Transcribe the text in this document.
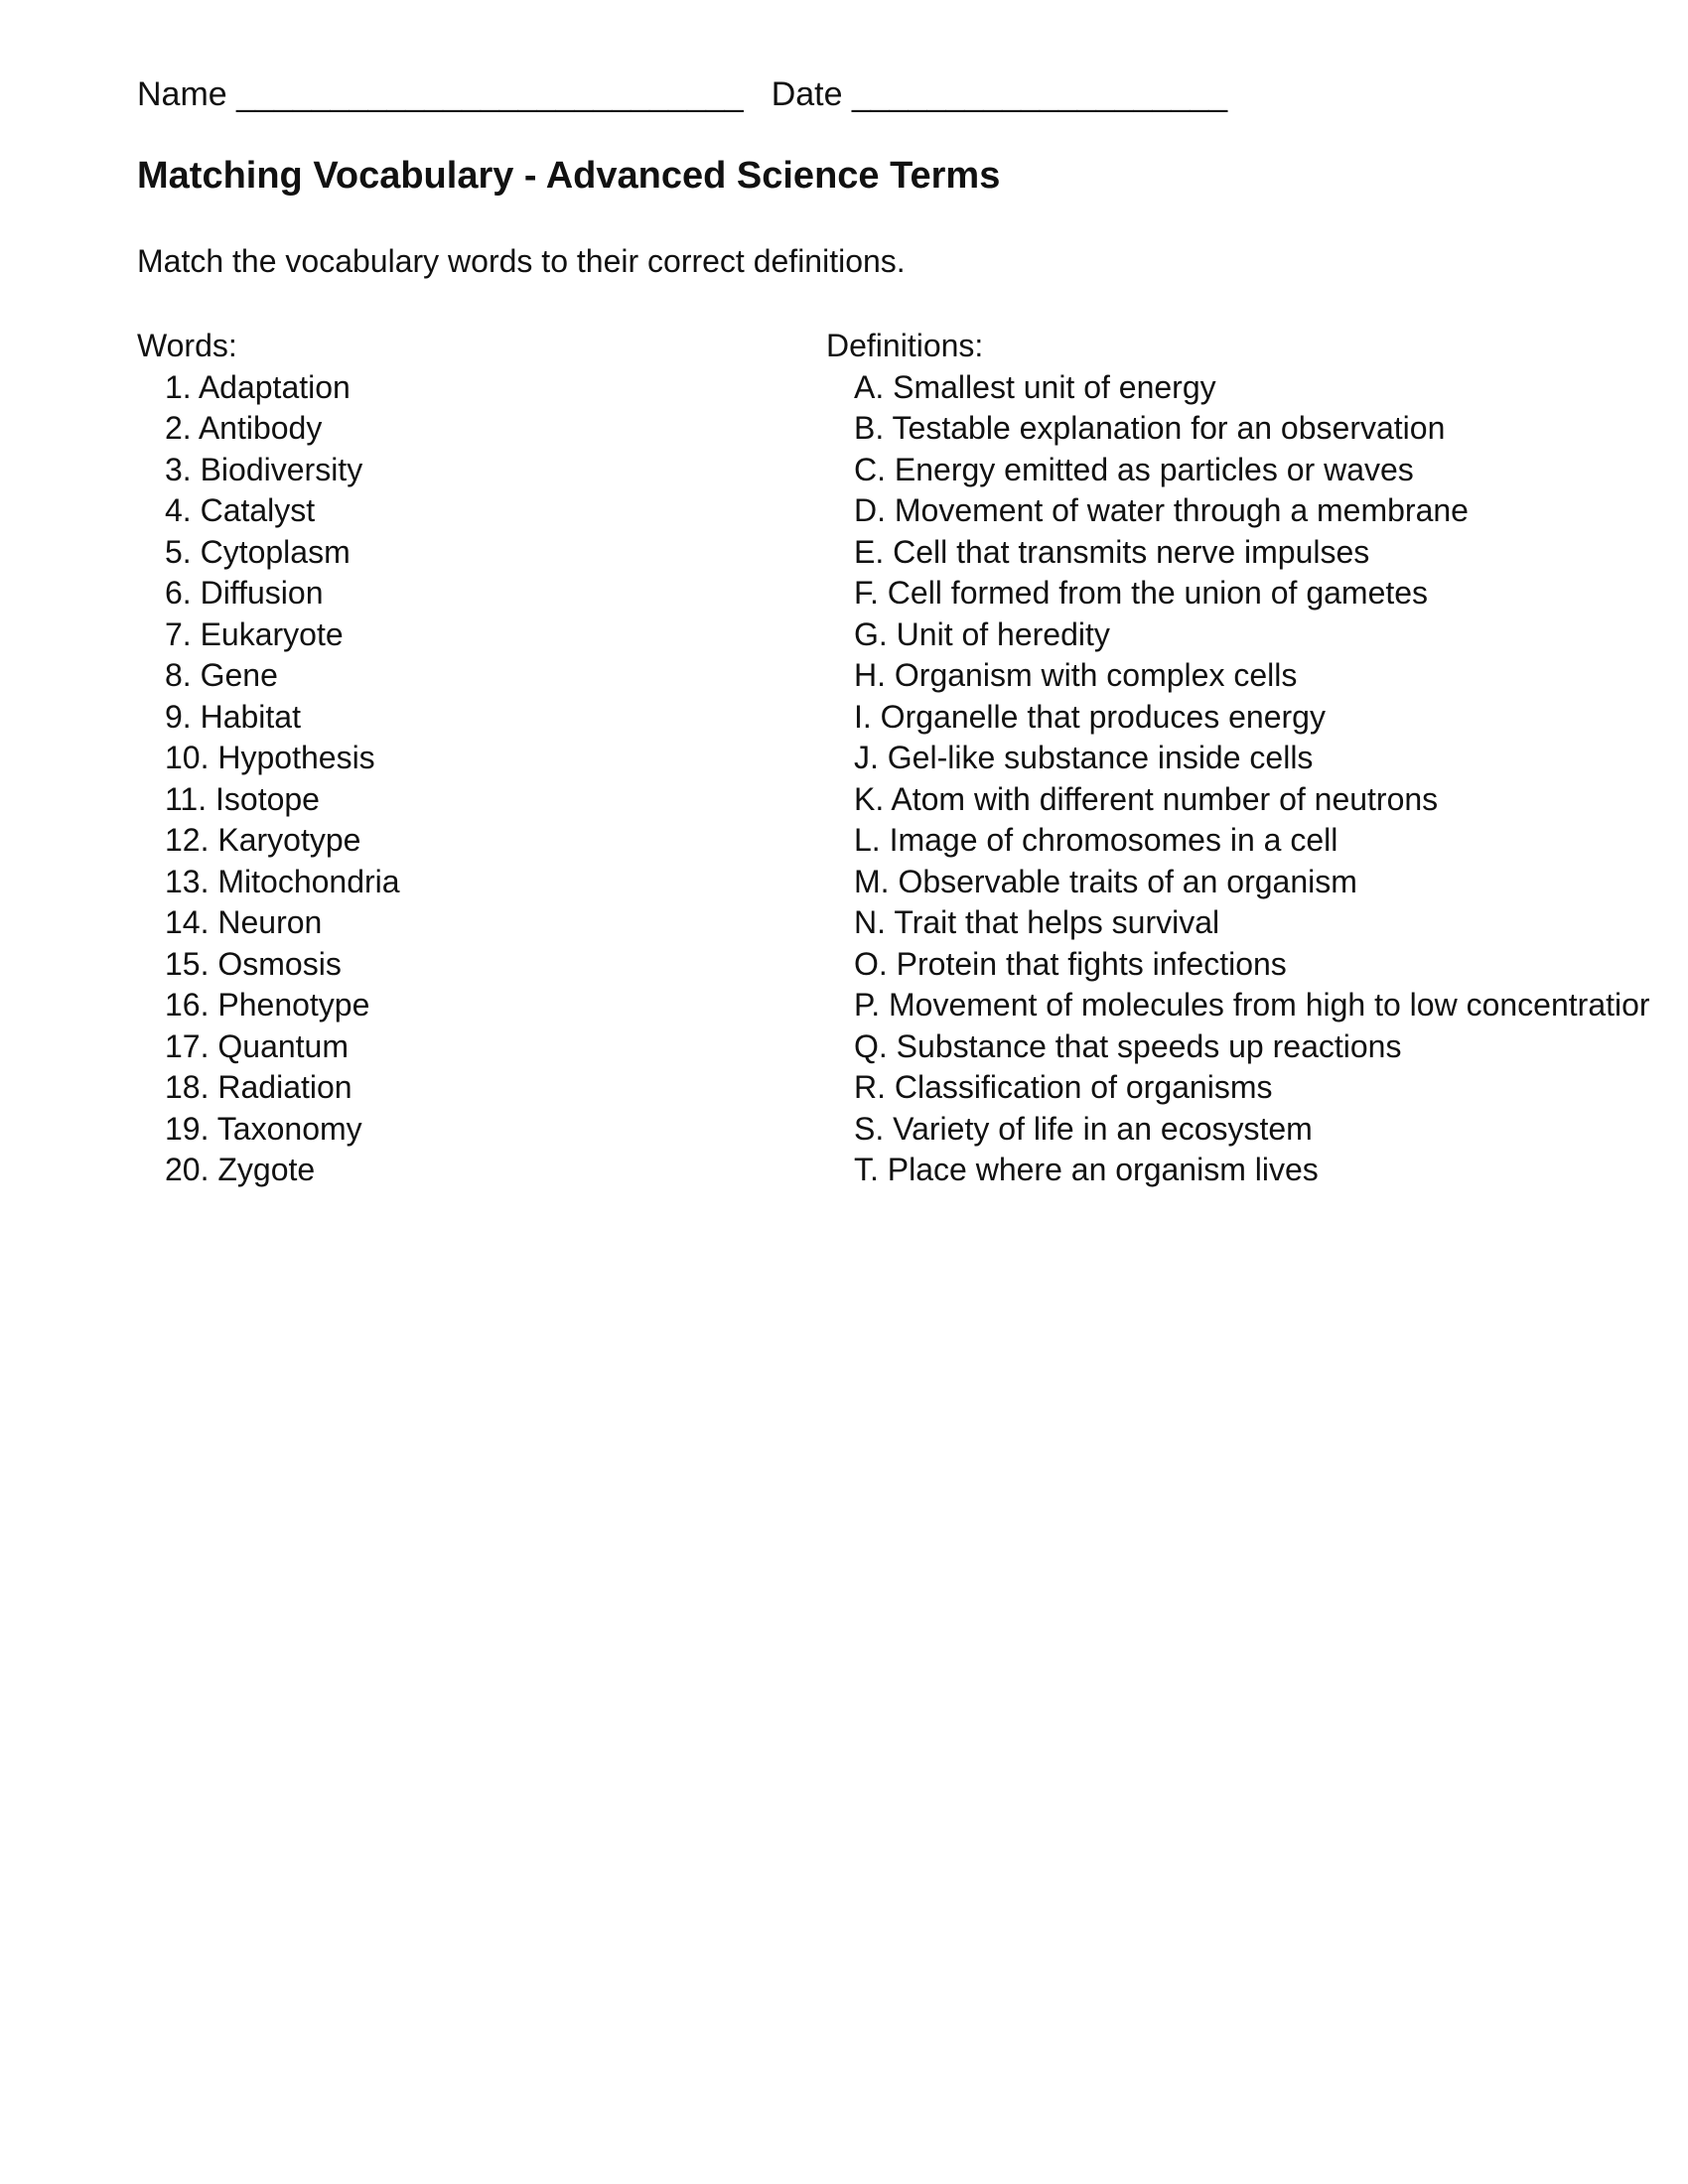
Name ___________________________ Date ____________________
Matching Vocabulary - Advanced Science Terms
Match the vocabulary words to their correct definitions.
Words:
1. Adaptation
2. Antibody
3. Biodiversity
4. Catalyst
5. Cytoplasm
6. Diffusion
7. Eukaryote
8. Gene
9. Habitat
10. Hypothesis
11. Isotope
12. Karyotype
13. Mitochondria
14. Neuron
15. Osmosis
16. Phenotype
17. Quantum
18. Radiation
19. Taxonomy
20. Zygote
Definitions:
A. Smallest unit of energy
B. Testable explanation for an observation
C. Energy emitted as particles or waves
D. Movement of water through a membrane
E. Cell that transmits nerve impulses
F. Cell formed from the union of gametes
G. Unit of heredity
H. Organism with complex cells
I. Organelle that produces energy
J. Gel-like substance inside cells
K. Atom with different number of neutrons
L. Image of chromosomes in a cell
M. Observable traits of an organism
N. Trait that helps survival
O. Protein that fights infections
P. Movement of molecules from high to low concentratior
Q. Substance that speeds up reactions
R. Classification of organisms
S. Variety of life in an ecosystem
T. Place where an organism lives
